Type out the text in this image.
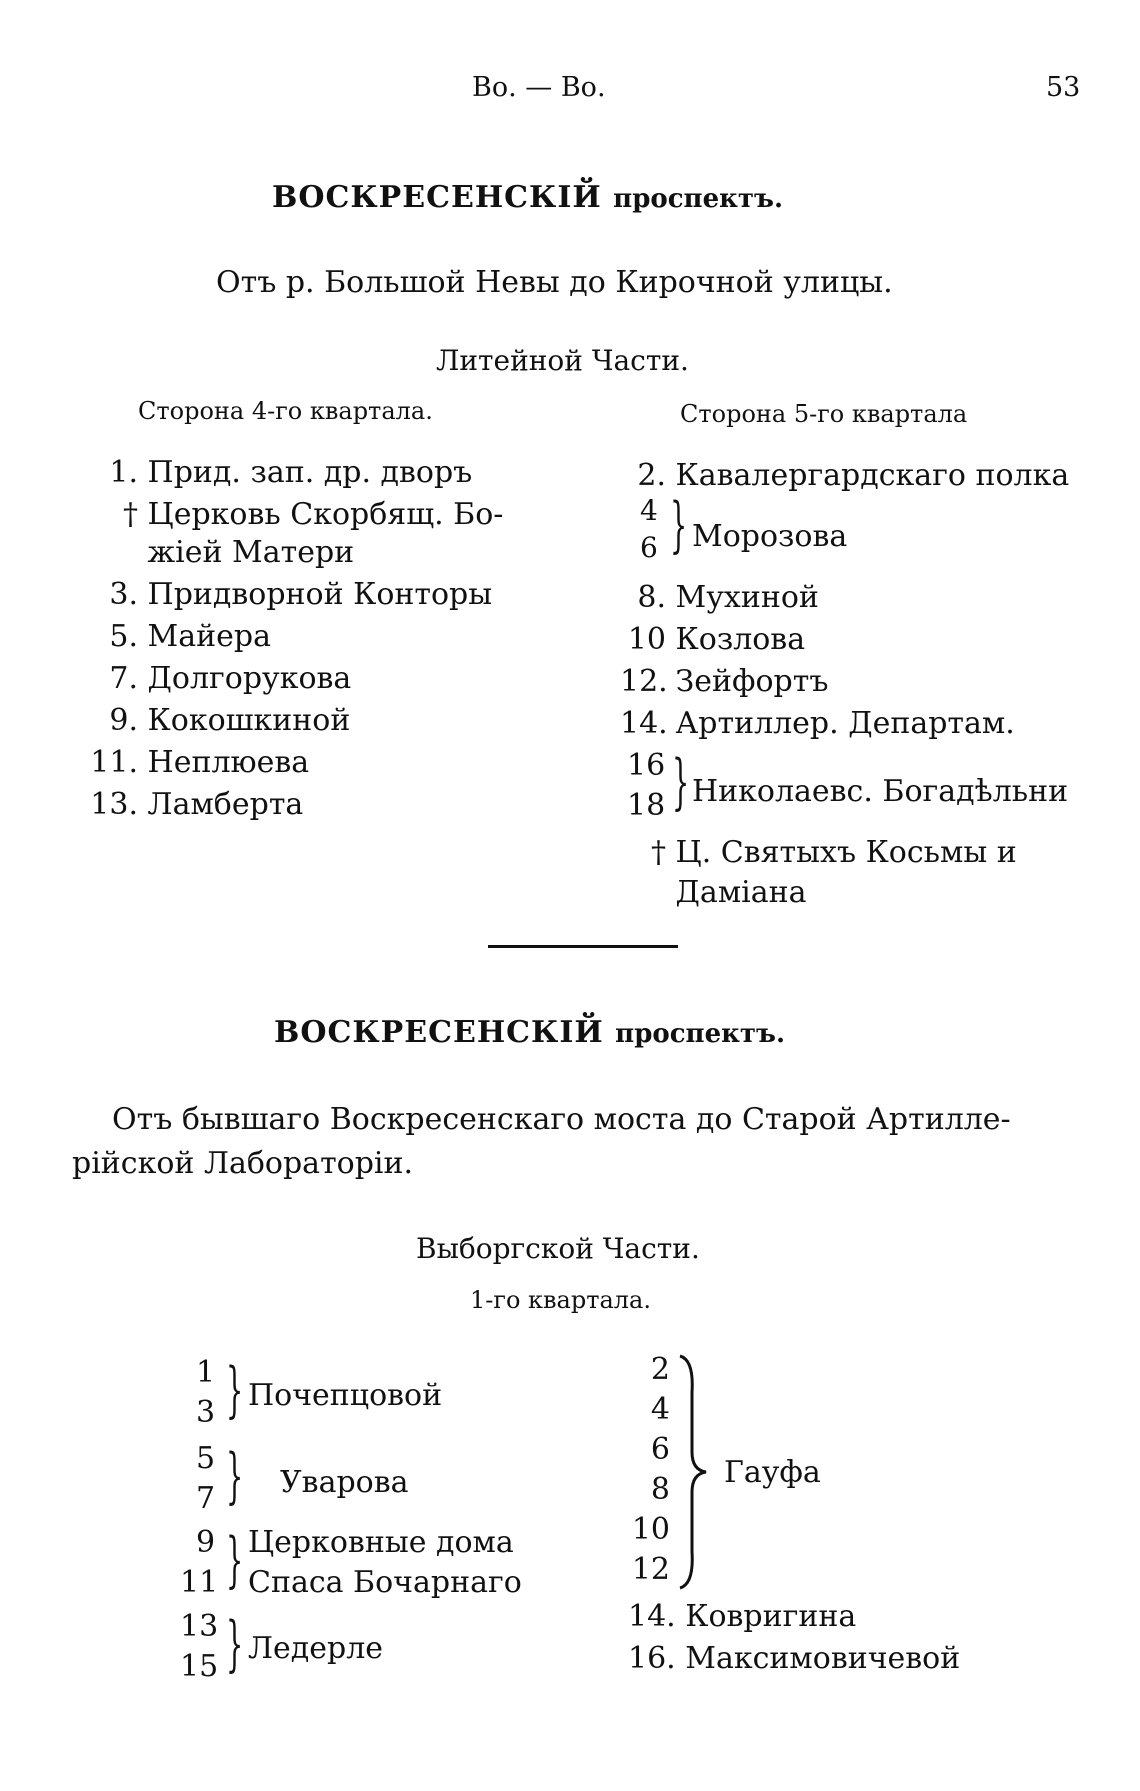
Во. — Во.	53
ВОСКРЕСЕНСКІЙ проспектъ.
Отъ р. Большой Невы до Кирочной улицы.
Литейной Части.
Сторона 4-го квартала.	Сторона 5-го квартала
1. Прид. зап. др. дворъ
† Церковь Скорбящ. Бо-
жіей Матери
3. Придворной Конторы
5. Майера
7. Долгорукова
9. Кокошкиной
11. Неплюева
13. Ламберта
2. Кавалергардскаго полка
4
6 } Морозова
8. Мухиной
10 Козлова
12. Зейфортъ
14. Артиллер. Департам.
16
18 } Николаевс. Богадѣльни
† Ц. Святыхъ Косьмы и
Даміана
ВОСКРЕСЕНСКІЙ проспектъ.
Отъ бывшаго Воскресенскаго моста до Старой Артилле-
рійской Лабораторіи.
Выборгской Части.
1-го квартала.
1
3 } Почепцовой
5
7 } Уварова
9
11 } Церковные дома
Спаса Бочарнаго
13
15 } Ледерле
2
4
6
8
10
12
Гауфа
14. Ковригина
16. Максимовичевой
